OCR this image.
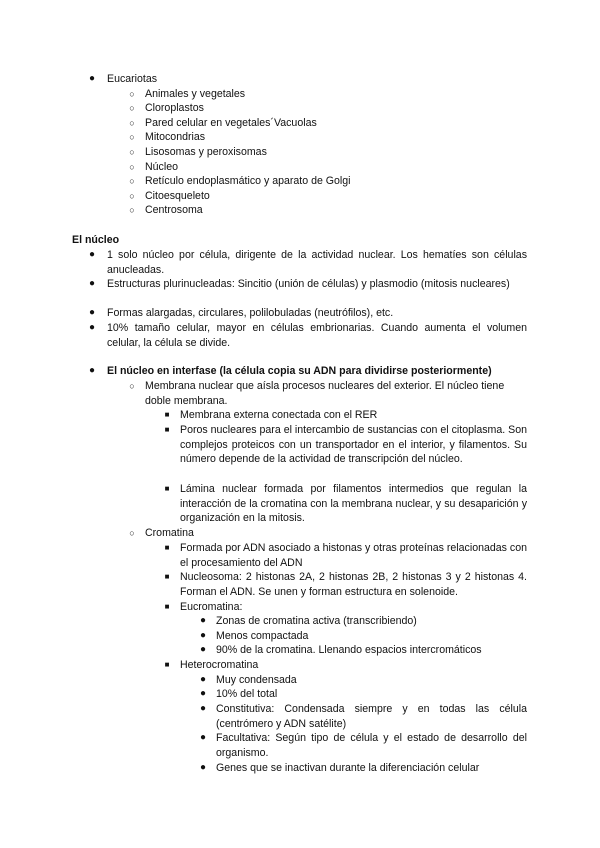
● Eucariotas
○ Animales y vegetales
○ Cloroplastos
○ Pared celular en vegetales´Vacuolas
○ Mitocondrias
○ Lisosomas y peroxisomas
○ Núcleo
○ Retículo endoplasmático y aparato de Golgi
○ Citoesqueleto
○ Centrosoma
El núcleo
● 1 solo núcleo por célula, dirigente de la actividad nuclear. Los hematíes son células anucleadas.
● Estructuras plurinucleadas: Sincitio (unión de células) y plasmodio (mitosis nucleares)
● Formas alargadas, circulares, polilobuladas (neutrófilos), etc.
● 10% tamaño celular, mayor en células embrionarias. Cuando aumenta el volumen celular, la célula se divide.
● El núcleo en interfase (la célula copia su ADN para dividirse posteriormente)
○ Membrana nuclear que aísla procesos nucleares del exterior. El núcleo tiene doble membrana.
■ Membrana externa conectada con el RER
■ Poros nucleares para el intercambio de sustancias con el citoplasma. Son complejos proteicos con un transportador en el interior, y filamentos. Su número depende de la actividad de transcripción del núcleo.
■ Lámina nuclear formada por filamentos intermedios que regulan la interacción de la cromatina con la membrana nuclear, y su desaparición y organización en la mitosis.
○ Cromatina
■ Formada por ADN asociado a histonas y otras proteínas relacionadas con el procesamiento del ADN
■ Nucleosoma: 2 histonas 2A, 2 histonas 2B, 2 histonas 3 y 2 histonas 4. Forman el ADN. Se unen y forman estructura en solenoide.
■ Eucromatina:
● Zonas de cromatina activa (transcribiendo)
● Menos compactada
● 90% de la cromatina. Llenando espacios intercromáticos
■ Heterocromatina
● Muy condensada
● 10% del total
● Constitutiva: Condensada siempre y en todas las célula (centrómero y ADN satélite)
● Facultativa: Según tipo de célula y el estado de desarrollo del organismo.
● Genes que se inactivan durante la diferenciación celular
